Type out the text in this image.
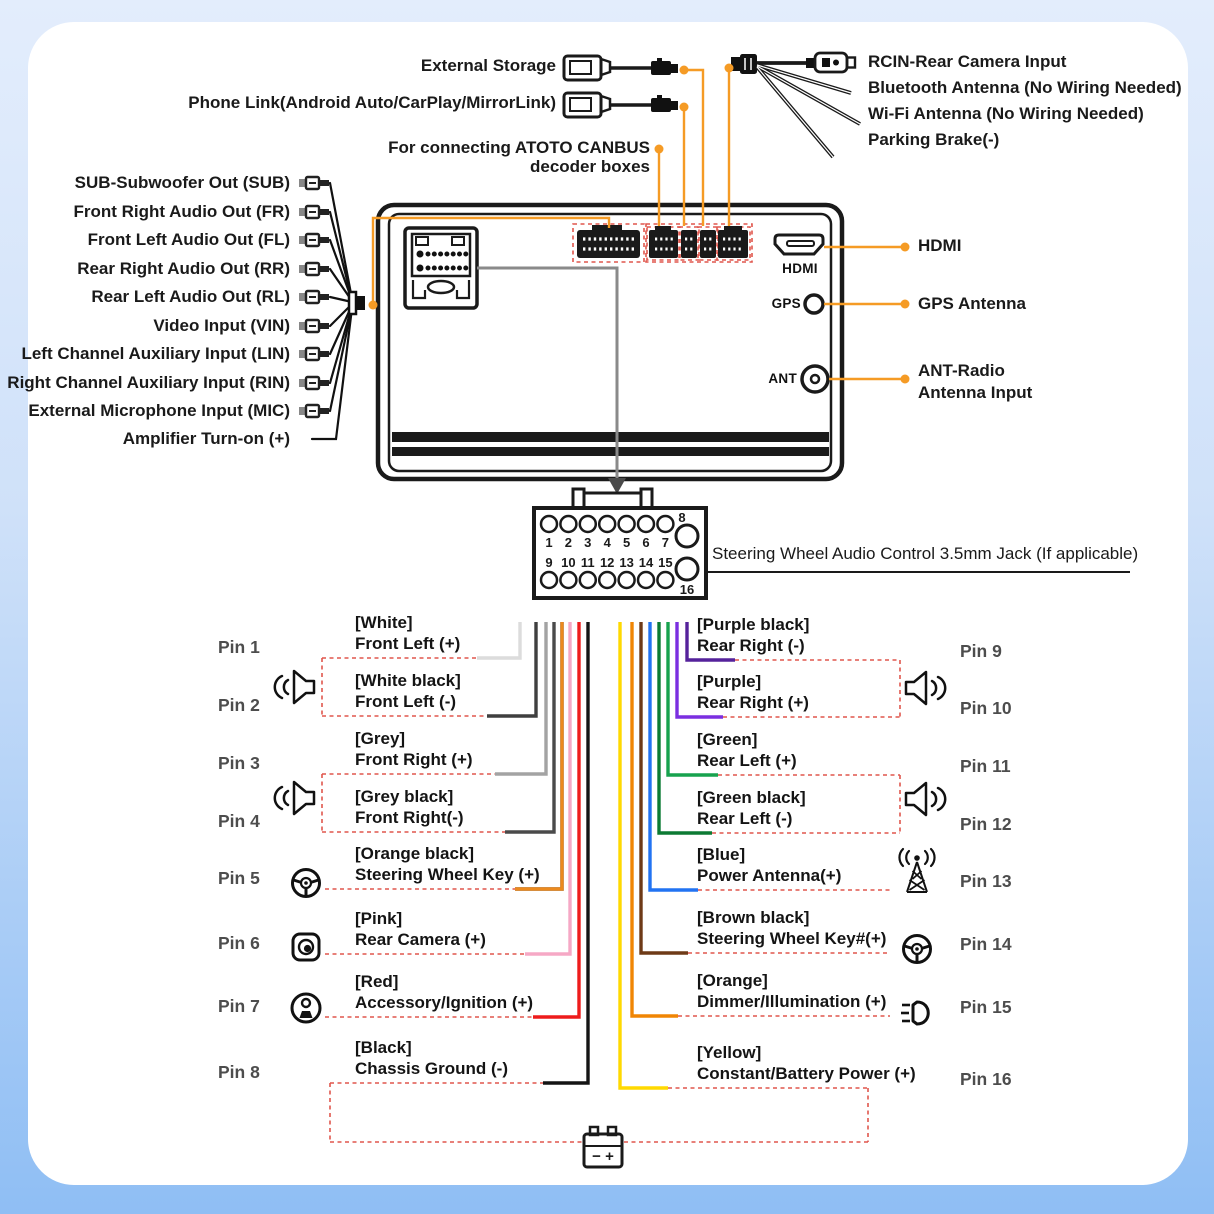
1 2 3 4 5 6 7
8
9 10 11 12 13 14 15
16
− +
External Storage
Phone Link(Android Auto/CarPlay/MirrorLink)
For connecting ATOTO CANBUS
decoder boxes
RCIN-Rear Camera Input
Bluetooth Antenna (No Wiring Needed)
Wi-Fi Antenna (No Wiring Needed)
Parking Brake(-)
SUB-Subwoofer Out (SUB)
Front Right Audio Out (FR)
Front Left Audio Out (FL)
Rear Right Audio Out (RR)
Rear Left Audio Out (RL)
Video Input (VIN)
Left Channel Auxiliary Input (LIN)
Right Channel Auxiliary Input (RIN)
External Microphone Input (MIC)
Amplifier Turn-on (+)
HDMI
GPS
ANT
HDMI
GPS Antenna
ANT-Radio
Antenna Input
Steering Wheel Audio Control 3.5mm Jack (If applicable)
Pin 1
Pin 2
Pin 3
Pin 4
Pin 5
Pin 6
Pin 7
Pin 8
Pin 9
Pin 10
Pin 11
Pin 12
Pin 13
Pin 14
Pin 15
Pin 16
[White]
Front Left (+)
[White black]
Front Left (-)
[Grey]
Front Right (+)
[Grey black]
Front Right(-)
[Orange black]
Steering Wheel Key (+)
[Pink]
Rear Camera (+)
[Red]
Accessory/Ignition (+)
[Black]
Chassis Ground (-)
[Purple black]
Rear Right (-)
[Purple]
Rear Right (+)
[Green]
Rear Left (+)
[Green black]
Rear Left (-)
[Blue]
Power Antenna(+)
[Brown black]
Steering Wheel Key#(+)
[Orange]
Dimmer/Illumination (+)
[Yellow]
Constant/Battery Power (+)
